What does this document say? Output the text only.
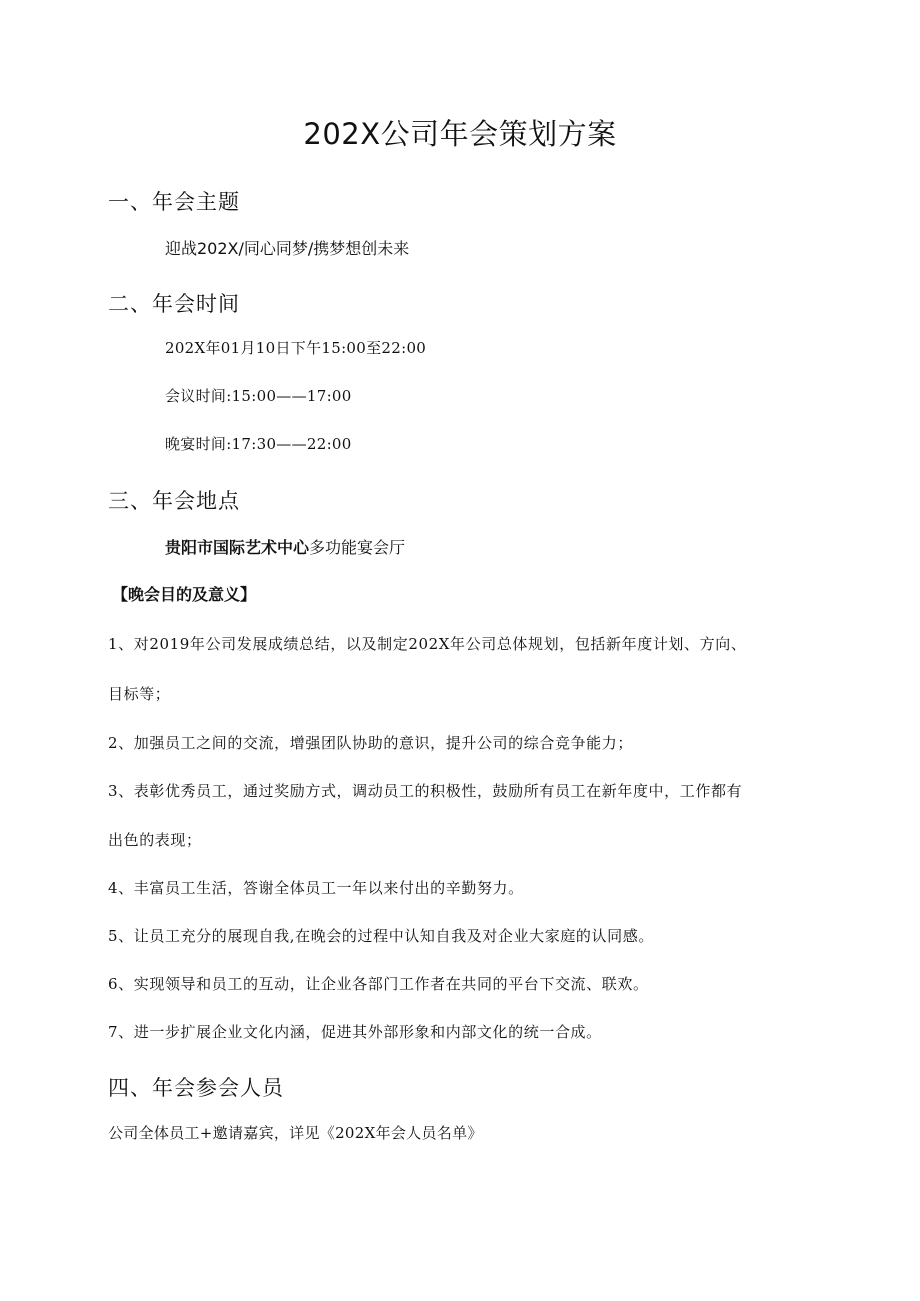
202X公司年会策划方案
一、年会主题
迎战202X/同心同梦/携梦想创未来
二、年会时间
202X年01月10日下午15:00至22:00
会议时间:15:00——17:00
晚宴时间:17:30——22:00
三、年会地点
贵阳市国际艺术中心多功能宴会厅
【晚会目的及意义】
1、对2019年公司发展成绩总结，以及制定202X年公司总体规划，包括新年度计划、方向、
目标等；
2、加强员工之间的交流，增强团队协助的意识，提升公司的综合竞争能力；
3、表彰优秀员工，通过奖励方式，调动员工的积极性，鼓励所有员工在新年度中，工作都有
出色的表现；
4、丰富员工生活，答谢全体员工一年以来付出的辛勤努力。
5、让员工充分的展现自我,在晚会的过程中认知自我及对企业大家庭的认同感。
6、实现领导和员工的互动，让企业各部门工作者在共同的平台下交流、联欢。
7、进一步扩展企业文化内涵，促进其外部形象和内部文化的统一合成。
四、年会参会人员
公司全体员工+邀请嘉宾，详见《202X年会人员名单》
